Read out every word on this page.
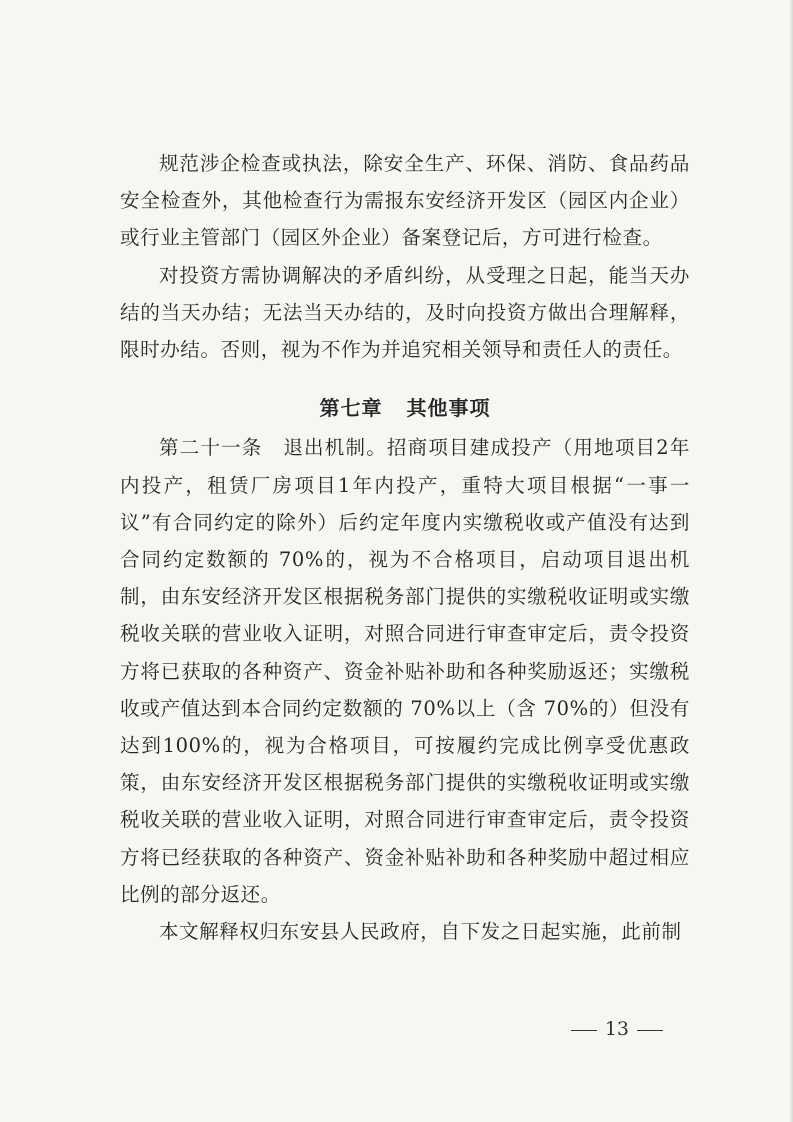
规范涉企检查或执法，除安全生产、环保、消防、食品药品安全检查外，其他检查行为需报东安经济开发区（园区内企业）或行业主管部门（园区外企业）备案登记后，方可进行检查。

对投资方需协调解决的矛盾纠纷，从受理之日起，能当天办结的当天办结；无法当天办结的，及时向投资方做出合理解释，限时办结。否则，视为不作为并追究相关领导和责任人的责任。

第七章 其他事项

第二十一条　退出机制。招商项目建成投产（用地项目2年内投产，租赁厂房项目1年内投产，重特大项目根据“一事一议”有合同约定的除外）后约定年度内实缴税收或产值没有达到合同约定数额的 70%的，视为不合格项目，启动项目退出机制，由东安经济开发区根据税务部门提供的实缴税收证明或实缴税收关联的营业收入证明，对照合同进行审查审定后，责令投资方将已获取的各种资产、资金补贴补助和各种奖励返还；实缴税收或产值达到本合同约定数额的 70%以上（含 70%的）但没有达到100%的，视为合格项目，可按履约完成比例享受优惠政策，由东安经济开发区根据税务部门提供的实缴税收证明或实缴税收关联的营业收入证明，对照合同进行审查审定后，责令投资方将已经获取的各种资产、资金补贴补助和各种奖励中超过相应比例的部分返还。

本文解释权归东安县人民政府，自下发之日起实施，此前制

13
